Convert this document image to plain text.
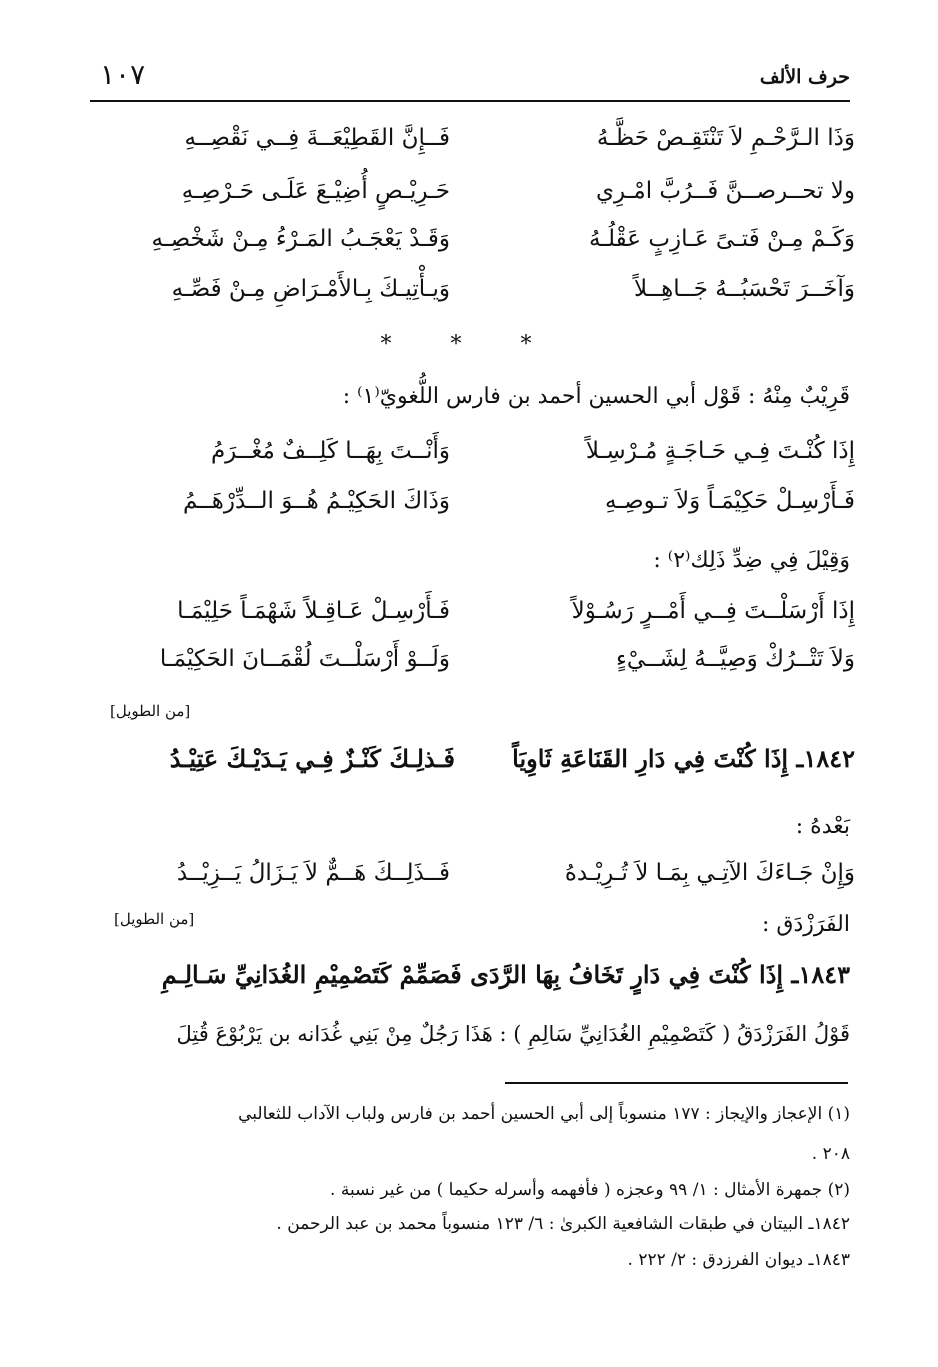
١٠٧	حرف الألف
وَذَا الـرَّحْـمِ لاَ تَنْتَقِـصْ حَظَّـهُ
فَــإِنَّ القَطِيْعَــةَ فِــي نَقْصِــهِ
ولا تحــرصــنَّ فَــرُبَّ امْـرِي
حَـرِيْـصٍ أُضِيْـعَ عَلَـى حَـرْصِـهِ
وَكَـمْ مِـنْ فَتـىً عَـازِبٍ عَقْلُـهُ
وَقَـدْ يَعْجَـبُ المَـرْءُ مِـنْ شَخْصِـهِ
وَآخَــرَ تَحْسَبُــهُ جَــاهِــلاً
وَيـأْتِيـكَ بِـالأَمْـرَاضِ مِـنْ فَصِّـهِ
* * *
قَرِيْبٌ مِنْهُ : قَوْل أبي الحسين أحمد بن فارس اللُّغويّ⁽١⁾ :
إِذَا كُنْـتَ فِـي حَـاجَـةٍ مُـرْسِـلاً
وَأَنْــتَ بِهَــا كَلِــفٌ مُغْــرَمُ
فَـأَرْسِـلْ حَكِيْمَـاً وَلاَ تـوصِـهِ
وَذَاكَ الحَكِيْـمُ هُــوَ الــدِّرْهَــمُ
وَقِيْلَ فِي ضِدِّ ذَلِك⁽٢⁾ :
إِذَا أَرْسَلْــتَ فِــي أَمْــرٍ رَسُـوْلاً
فَـأَرْسِـلْ عَـاقِـلاً شَهْمَـاً حَلِيْمَـا
وَلاَ تَتْــرُكْ وَصِيَّــهُ لِشَــيْءٍ
وَلَــوْ أَرْسَلْــتَ لُقْمَــانَ الحَكِيْمَـا
[من الطويل]
١٨٤٢ـ إِذَا كُنْتَ فِي دَارِ القَنَاعَةِ ثَاوِيَاً
فَـذلِـكَ كَنْـزٌ فِـي يَـدَيْـكَ عَتِيْـدُ
بَعْدهُ :
وَإِنْ جَـاءَكَ الآتِـي بِمَـا لاَ تُـرِيْـدهُ
فَــذَلِــكَ هَــمٌّ لاَ يَـزَالُ يَــزِيْــدُ
[من الطويل]	الفَرَزْدَق :
١٨٤٣ـ إِذَا كُنْتَ فِي دَارٍ تَخَافُ بِهَا الرَّدَى فَصَمِّمْ كَتَصْمِيْمِ الغُدَانِيِّ سَـالِـمِ
قَوْلُ الفَرَزْدَقُ ( كَتَصْمِيْمِ الغُدَانِيِّ سَالِمِ ) : هَذَا رَجُلٌ مِنْ بَنِي غُدَانه بن يَرْبُوْعَ قُتِلَ
(١) الإعجاز والإيجاز : ١٧٧ منسوباً إلى أبي الحسين أحمد بن فارس ولباب الآداب للثعالبي
٢٠٨ .
(٢) جمهرة الأمثال : ١/ ٩٩ وعجزه ( فأفهمه وأسرله حكيما ) من غير نسبة .
١٨٤٢ـ البيتان في طبقات الشافعية الكبرىٰ : ٦/ ١٢٣ منسوباً محمد بن عبد الرحمن .
١٨٤٣ـ ديوان الفرزدق : ٢/ ٢٢٢ .
